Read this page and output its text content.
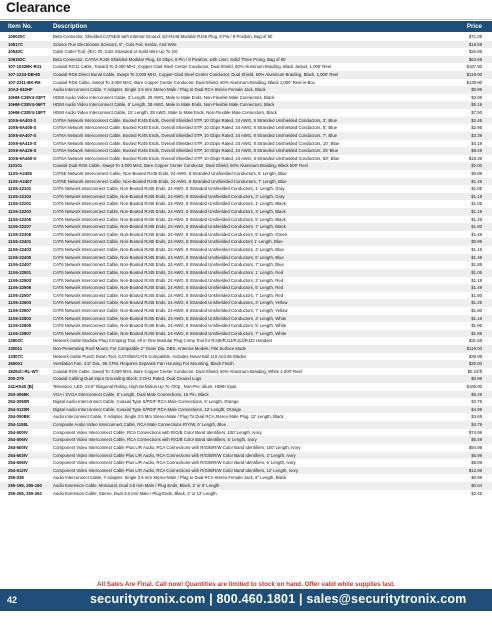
Clearance
Item No.	Description	Price
100020C	Beta Connector, Shielded CAT5E/6 with Internal Ground, EZ-RJ45 Modular RJ45 Plug, 8 Pin / 8 Position, Bag of 50	$71.39
10517C	Scissor Run Electricians Scissors, 5", Cuts Foil, Kevlar, And Wire	$18.59
10540C	Cabe Cutter Tool, (IEC-20, Cuts Stranded or Solid Wire Up To 2/0	$26.89
106192C	Beta Connector, CAT6A RJ45 Shielded Modular Plug, 10 Gbps, 8 Pin / 8 Position, with Liner, Solid Three Prong, Bag of 50	$63.69
107-1032BK-R11	Coaxial RG11 Cable, Toward To 3,000 MHz, Copper-Clad Steel Center Conductor, Dual Shield, 60% Aluminum Braiding, Black Jacket, 1,000' Reel	$187.90
107-1234-DB-65	Coaxial RG6 Direct Burial Cable, Swept To 3,000 MHz, Copper-Clad Steel Center Conductor, Dual Shield, 60% Aluminum Braiding, Black, 1,000' Reel	$119.00
107-2311-BK-R6	Coaxial RG6 Cable, Swept To 3,000 MHz, Bare Copper Center Conductor, Dual Shield, 60% Aluminum Braiding, Black 1,000' Reel-in-Box	$139.90
10A3-042HF	Audio Interconnect Cable, Y Adapter, Single 3.5 mm Stereo Male / Plug to Dual RCA Stereo Female Jack, Black	$0.99
10HM-C28V4-03FT	HDMI Audio Video Interconnect Cable, 3' Length, 28 AWG, Male to Male Ends, Non-Flexible Male Connectors, Black	$3.95
10HM-C28V4-06FT	HDMI Audio Video Interconnect Cable, 6' Length, 28 AWG, Male to Male Ends, Non-Flexible Male Connectors, Black	$5.19
10HM-C28V4-15FT	HDMI Audio Video Interconnect Cable, 15' Length, 28 AWG, Male to Male Ends, Non-Flexible Male Connectors, Black	$7.50
10X6-6A403-S	CAT6A Network Interconnect Cable, Booted RJ45 Ends, Overall Shielded STP, 10 Gbps Rated, 24 AWG, 8 Stranded Unshielded Conductors, 3', Blue	$2.45
10X6-6A405-S	CAT6A Network Interconnect Cable, Booted RJ45 Ends, Overall Shielded STP, 10 Gbps Rated, 24 AWG, 8 Stranded Unshielded Conductors, 5', Blue	$2.95
10X6-6A407-S	CAT6A Network Interconnect Cable, Booted RJ45 Ends, Overall Shielded STP, 10 Gbps Rated, 24 AWG, 8 Stranded Unshielded Conductors, 7', Blue	$3.39
10X6-6A410-S	CAT6A Network Interconnect Cable, Booted RJ45 Ends, Overall Shielded STP, 10 Gbps Rated, 24 AWG, 8 Stranded Unshielded Conductors, 10', Blue	$4.19
10X6-6A425-S	CAT6A Network Interconnect Cable, Booted RJ45 Ends, Overall Shielded STP, 10 Gbps Rated, 24 AWG, 8 Stranded Unshielded Conductors, 25' Blue	$8.49
10X6-6A450-S	CAT6A Network Interconnect Cable, Booted RJ45 Ends, Overall Shielded STP, 10 Gbps Rated, 24 AWG, 8 Stranded Unshielded Conductors, 50', Blue	$15.39
110101	Coaxial Dual RG6 Cable, Swept To 3,000 MHz, Bare Copper Center Conductor, Dual Shield, 60% Aluminum Braiding, Black 500' Reel	$2.00
11X5-A2405	CAT5E Network Interconnect Cable, Non-Booted RJ45 Ends, 24 AWG, 8 Stranded Unshielded Conductors, 5' Length, Blue	$0.89
11X5-A2407	CAT5E Network Interconnect Cable, Non-Booted RJ45 Ends, 24 AWG, 8 Stranded Unshielded Conductors, 7' Length, Blue	$1.49
11X6-22101	CAT6 Network Interconnect Cable, Non-Booted RJ45 Ends, 24 AWG, 8 Stranded Unshielded Conductors, 1' Length, Gray	$1.05
11X6-22103	CAT6 Network Interconnect Cable, Non-Booted RJ45 Ends, 24 AWG, 8 Stranded Unshielded Conductors, 3' Length, Gray	$1.19
11X6-22201	CAT6 Network Interconnect Cable, Non-Booted RJ45 Ends, 24 AWG, 8 Stranded Unshielded Conductors, 1' Length, Black	$1.05
11X6-22203	CAT6 Network Interconnect Cable, Non-Booted RJ45 Ends, 24 AWG, 8 Stranded Unshielded Conductors, 3' Length, Black	$1.19
11X6-22205	CAT6 Network Interconnect Cable, Non-Booted RJ45 Ends, 24 AWG, 8 Stranded Unshielded Conductors, 5' Length, Black	$1.49
11X6-22207	CAT6 Network Interconnect Cable, Non-Booted RJ45 Ends, 24 AWG, 8 Stranded Unshielded Conductors, 7' Length, Black	$1.80
11X6-22305	CAT6 Network Interconnect Cable, Non-Booted RJ45 Ends, 24 AWG, 8 Stranded Unshielded Conductors, 5' Length, Green	$1.49
11X6-22401	CAT6 Network Interconnect Cable, Non-Booted RJ45 Ends, 24 AWG, 8 Stranded Unshielded Conductors 1' Length, Blue	$0.99
11X6-22403	CAT6 Network Interconnect Cable, Non-Booted RJ45 Ends, 24 AWG, 8 Stranded Unshielded Conductors, 3' Length, Blue	$1.19
11X6-22405	CAT6 Network Interconnect Cable, Non-Booted RJ45 Ends, 24 AWG, 8 Stranded Unshielded Conductors, 5' Length, Blue	$1.49
11X6-22407	CAT6 Network Interconnect Cable, Non-Booted RJ45 Ends, 24 AWG, 8 Stranded Unshielded Conductors, 7' Length, Blue	$1.89
11X6-22501	CAT6 Network Interconnect Cable, Non-Booted RJ45 Ends, 24 AWG, 8 Stranded Unshielded Conductors, 1' Length, Red	$1.05
11X6-22503	CAT6 Network Interconnect Cable, Non-Booted RJ45 Ends, 24 AWG, 8 Stranded Unshielded Conductors, 3' Length, Red	$1.19
11X6-22505	CAT6 Network Interconnect Cable, Non-Booted RJ45 Ends, 24 AWG, 8 Stranded Unshielded Conductors, 5' Length, Red	$1.49
11X6-22507	CAT6 Network Interconnect Cable, Non-Booted RJ45 Ends, 24 AWG, 8 Stranded Unshielded Conductors, 7' Length, Red	$1.80
11X6-22603	CAT6 Network Interconnect Cable, Non-Booted RJ45 Ends, 24 AWG, 8 Stranded Unshielded Conductors, 3' Length, Yellow	$1.25
11X6-22607	CAT6 Network Interconnect Cable, Non-Booted RJ45 Ends, 24 AWG, 8 Stranded Unshielded Conductors, 7' Length, Yellow	$1.80
11X6-22803	CAT6 Network Interconnect Cable, Non-Booted RJ45 Ends, 24 AWG, 8 Stranded Unshielded Conductors, 3' Length, White	$1.19
11X6-22805	CAT6 Network Interconnect Cable, Non-Booted RJ45 Ends, 24 AWG, 8 Stranded Unshielded Conductors, 5' Length, White	$1.95
11X6-22807	CAT6 Network Interconnect Cable, Non-Booted RJ45 Ends, 24 AWG, 8 Stranded Unshielded Conductors, 7' Length, White	$1.89
12503C	Network Cable Modular Plug Crimping Tool, All in One Modular Plug Crimp Tool for RJ45/RJ11/RJ12/RJ22 Handset	$31.59
130011	Non-Penetrating Roof Mount, For Compatible 2" Outer Dia. DBS, Antenna Models, Flat Surface Mode	$119.00
13307C	Network Cable Punch Down Tool, CAT3/5E/CAT6 Compatible, Includes Nova! Bull 110 And 66 Blades	$39.99
160001	Ventilation Fan, 4.5" Dia., 95 CFM, Requires Separate Fan Housing For Mounting, Black Finish	$30.00
18294C-RL-WT	Coaxial RG6 Cable, Swept To 3,000 MHz, Bare Copper Center Conductor, Dual Shield, 60% Aluminum Braiding, White 1,000' Reel	$0.22/ft
200-279	Coaxial Cabling Dual Input Grounding Block; 3 GHz Rated, Dual Ground Lugs	$0.99
24LHS40 (B)	Television, LED, 23.6" Diagonal Rating, High Definition Up To 720p , Non-Pro: idium, HDMI Input	$185.00
253-3068K	VGA / SVGA Interconnect Cable, 6' Length, Dual Male Connections, 15 Pin, Black	$5.29
254-0060R	Digital Audio Interconnect Cable, Coaxial Type S/PDIF RCA Male Connections, 6' Length, Orange	$3.79
254-0120R	Digital Audio Interconnect Cable, Coaxial Type S/PDIF RCA Male Connections, 12' Length, Orange	$4.99
254-050BK	Audio Interconnect Cable, Y Adapter, Single 3.5 Mm Stereo Male / Plug To Dual RCA Stereo Male Plug, 12' Length, Black	$3.69
254-1158L	Composite Audio Video Interconnect Cable, RCA Male Connections R/Y/W, 6' Length, Blue	$4.79
254-500IV	Component Video Interconnect Cable, RCA Connections with R/G/B Color Band Identifiers, 100' Length, Ivory	$74.99
254-506IV	Component Video Interconnect Cable, RCA Connections with R/G/B Color Band Identifiers, 6' Length, Ivory	$5.49
254-600IV	Component Video Interconnect Cable Plus L/R Audio, RCA Connections with R/G/B/R/W Color Band Identifiers, 100' Length, Ivory	$94.99
254-603IV	Component Video Interconnect Cable Plus L/R Audio, RCA Connections with R/G/B/R/W Color Band Identifiers, 3' Length, Ivory	$5.99
254-606IV	Component Video Interconnect Cable Plus L/R Audio, RCA Connections with R/G/B/R/W Color Band Identifiers, 6' Length, Ivory	$8.89
254-612IV	Component Video Interconnect Cable Plus L/R Audio, RCA Connections with R/G/B/R/W Color Band Identifiers, 12' Length, Ivory	$12.99
255-038	Audio Interconnect Cable, Y Adapter, Single 3.5 mm Stereo Male / Plug to Dual RCA Stereo Female Jack, 6" Length, Black	$0.99
255-155, 255-160	Audio Extension Cable, Monaural, Dual 3.5 mm Male / Plug Ends, Black, 2' or 6' Length	$0.64
255-255, 255-262	Audio Extension Cable, Stereo, Dual 3.5 mm Male / Plug Ends, Black, 2' or 12' Length	$2.45
All Sales Are Final. Call now! Quantities are limited to stock on hand. Offer valid while supplies last.
42	securitytronix.com | 800.460.1801 | sales@securitytronix.com
